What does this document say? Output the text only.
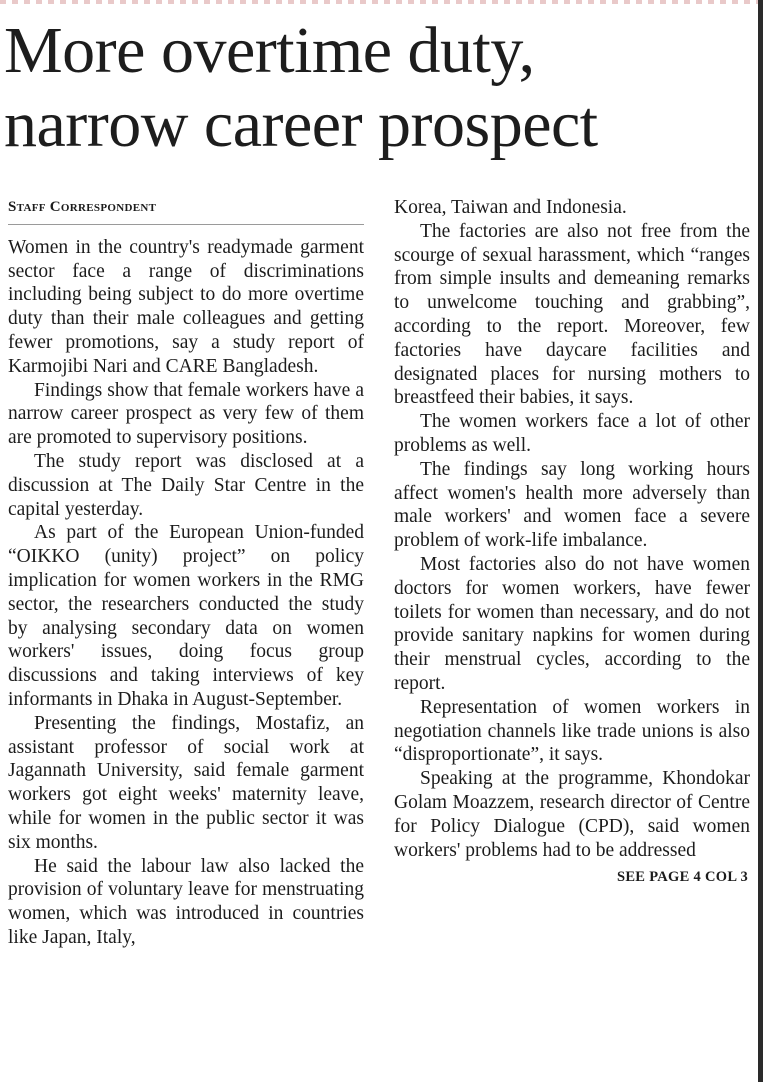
More overtime duty,
narrow career prospect
Staff Correspondent

Women in the country's readymade garment sector face a range of discriminations including being subject to do more overtime duty than their male colleagues and getting fewer promotions, say a study report of Karmojibi Nari and CARE Bangladesh.

Findings show that female workers have a narrow career prospect as very few of them are promoted to supervisory positions.

The study report was disclosed at a discussion at The Daily Star Centre in the capital yesterday.

As part of the European Union-funded “OIKKO (unity) project” on policy implication for women workers in the RMG sector, the researchers conducted the study by analysing secondary data on women workers' issues, doing focus group discussions and taking interviews of key informants in Dhaka in August-September.

Presenting the findings, Mostafiz, an assistant professor of social work at Jagannath University, said female garment workers got eight weeks' maternity leave, while for women in the public sector it was six months.

He said the labour law also lacked the provision of voluntary leave for menstruating women, which was introduced in countries like Japan, Italy,

Korea, Taiwan and Indonesia.

The factories are also not free from the scourge of sexual harassment, which “ranges from simple insults and demeaning remarks to unwelcome touching and grabbing”, according to the report. Moreover, few factories have daycare facilities and designated places for nursing mothers to breastfeed their babies, it says.

The women workers face a lot of other problems as well.

The findings say long working hours affect women's health more adversely than male workers' and women face a severe problem of work-life imbalance.

Most factories also do not have women doctors for women workers, have fewer toilets for women than necessary, and do not provide sanitary napkins for women during their menstrual cycles, according to the report.

Representation of women workers in negotiation channels like trade unions is also “disproportionate”, it says.

Speaking at the programme, Khondokar Golam Moazzem, research director of Centre for Policy Dialogue (CPD), said women workers' problems had to be addressed

SEE PAGE 4 COL 3
